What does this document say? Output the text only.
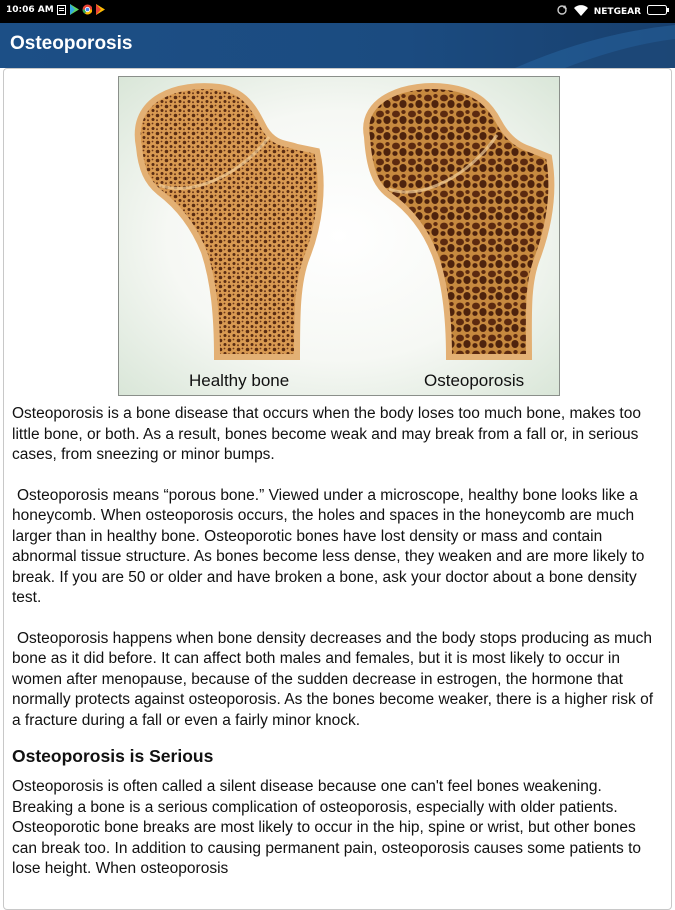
10:06 AM	NETGEAR
Osteoporosis
Healthy bone	Osteoporosis

Osteoporosis is a bone disease that occurs when the body loses too much bone, makes too little bone, or both. As a result, bones become weak and may break from a fall or, in serious cases, from sneezing or minor bumps.

Osteoporosis means “porous bone.” Viewed under a microscope, healthy bone looks like a honeycomb. When osteoporosis occurs, the holes and spaces in the honeycomb are much larger than in healthy bone. Osteoporotic bones have lost density or mass and contain abnormal tissue structure. As bones become less dense, they weaken and are more likely to break. If you are 50 or older and have broken a bone, ask your doctor about a bone density test.

Osteoporosis happens when bone density decreases and the body stops producing as much bone as it did before. It can affect both males and females, but it is most likely to occur in women after menopause, because of the sudden decrease in estrogen, the hormone that normally protects against osteoporosis. As the bones become weaker, there is a higher risk of a fracture during a fall or even a fairly minor knock.

Osteoporosis is Serious

Osteoporosis is often called a silent disease because one can't feel bones weakening. Breaking a bone is a serious complication of osteoporosis, especially with older patients. Osteoporotic bone breaks are most likely to occur in the hip, spine or wrist, but other bones can break too. In addition to causing permanent pain, osteoporosis causes some patients to lose height. When osteoporosis
